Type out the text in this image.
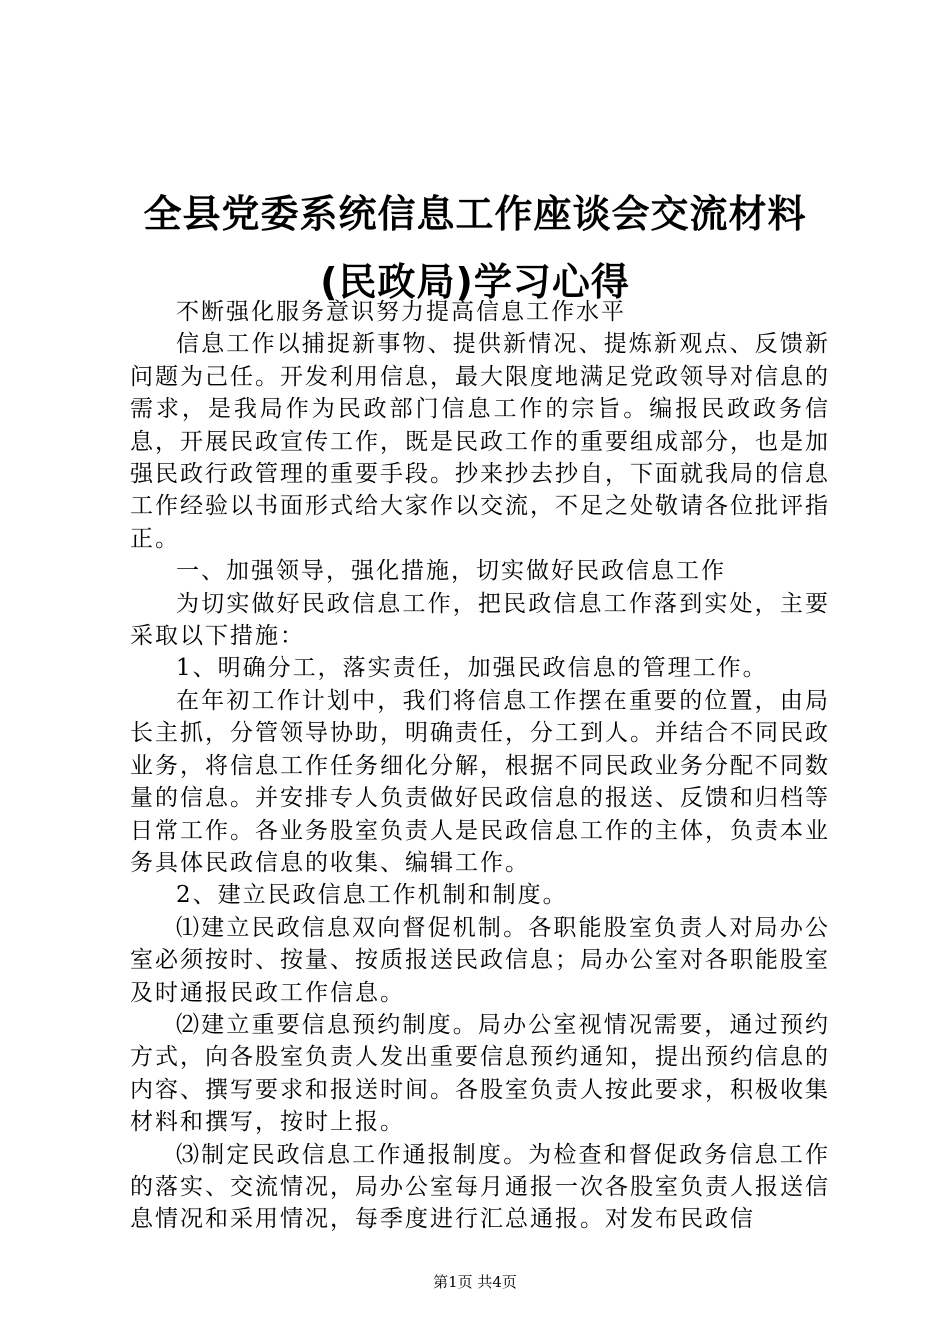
全县党委系统信息工作座谈会交流材料(民政局)学习心得

不断强化服务意识努力提高信息工作水平

信息工作以捕捉新事物、提供新情况、提炼新观点、反馈新问题为己任。开发利用信息，最大限度地满足党政领导对信息的需求，是我局作为民政部门信息工作的宗旨。编报民政政务信息，开展民政宣传工作，既是民政工作的重要组成部分，也是加强民政行政管理的重要手段。抄来抄去抄自，下面就我局的信息工作经验以书面形式给大家作以交流，不足之处敬请各位批评指正。

一、加强领导，强化措施，切实做好民政信息工作

为切实做好民政信息工作，把民政信息工作落到实处，主要采取以下措施：

1、明确分工，落实责任，加强民政信息的管理工作。

在年初工作计划中，我们将信息工作摆在重要的位置，由局长主抓，分管领导协助，明确责任，分工到人。并结合不同民政业务，将信息工作任务细化分解，根据不同民政业务分配不同数量的信息。并安排专人负责做好民政信息的报送、反馈和归档等日常工作。各业务股室负责人是民政信息工作的主体，负责本业务具体民政信息的收集、编辑工作。

2、建立民政信息工作机制和制度。

⑴建立民政信息双向督促机制。各职能股室负责人对局办公室必须按时、按量、按质报送民政信息；局办公室对各职能股室及时通报民政工作信息。

⑵建立重要信息预约制度。局办公室视情况需要，通过预约方式，向各股室负责人发出重要信息预约通知，提出预约信息的内容、撰写要求和报送时间。各股室负责人按此要求，积极收集材料和撰写，按时上报。

⑶制定民政信息工作通报制度。为检查和督促政务信息工作的落实、交流情况，局办公室每月通报一次各股室负责人报送信息情况和采用情况，每季度进行汇总通报。对发布民政信

第1页 共4页
